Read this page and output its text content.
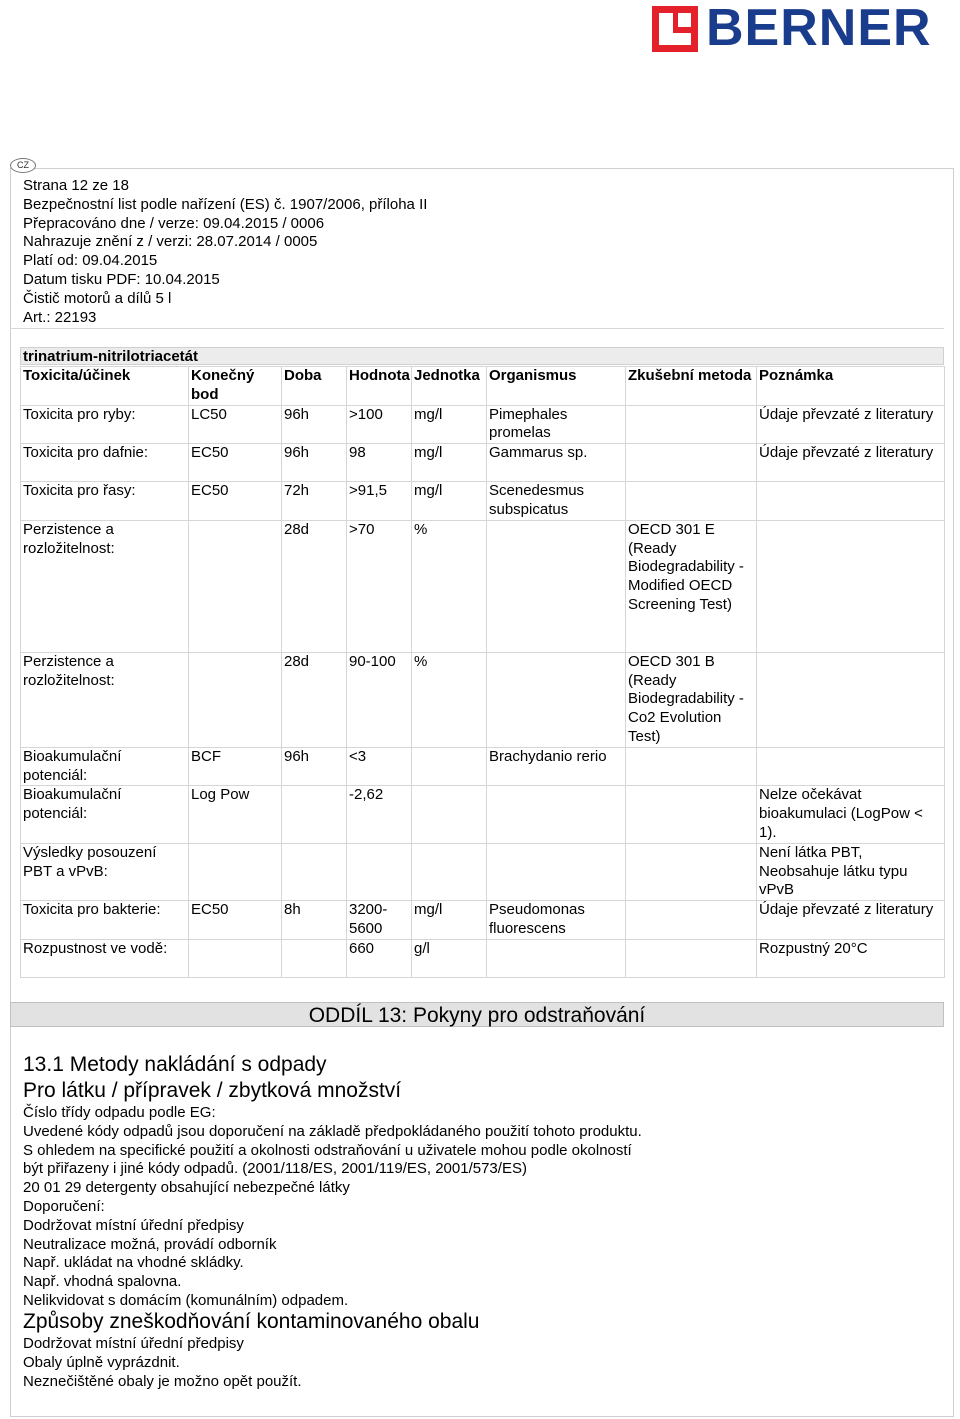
BERNER
CZ
Strana 12 ze 18
Bezpečnostní list podle nařízení (ES) č. 1907/2006, příloha II
Přepracováno dne / verze: 09.04.2015 / 0006
Nahrazuje znění z / verzi: 28.07.2014 / 0005
Platí od: 09.04.2015
Datum tisku PDF: 10.04.2015
Čistič motorů a dílů 5 l
Art.: 22193
trinatrium-nitrilotriacetát
Toxicita/účinek	Konečný bod	Doba	Hodnota	Jednotka	Organismus	Zkušební metoda	Poznámka
Toxicita pro ryby:	LC50	96h	>100	mg/l	Pimephales promelas		Údaje převzaté z literatury
Toxicita pro dafnie:	EC50	96h	98	mg/l	Gammarus sp.		Údaje převzaté z literatury
Toxicita pro řasy:	EC50	72h	>91,5	mg/l	Scenedesmus subspicatus		
Perzistence a rozložitelnost:		28d	>70	%		OECD 301 E (Ready Biodegradability - Modified OECD Screening Test)	
Perzistence a rozložitelnost:		28d	90-100	%		OECD 301 B (Ready Biodegradability - Co2 Evolution Test)	
Bioakumulační potenciál:	BCF	96h	<3		Brachydanio rerio		
Bioakumulační potenciál:	Log Pow		-2,62				Nelze očekávat bioakumulaci (LogPow < 1).
Výsledky posouzení PBT a vPvB:							Není látka PBT, Neobsahuje látku typu vPvB
Toxicita pro bakterie:	EC50	8h	3200-5600	mg/l	Pseudomonas fluorescens		Údaje převzaté z literatury
Rozpustnost ve vodě:			660	g/l			Rozpustný 20°C
ODDÍL 13: Pokyny pro odstraňování
13.1 Metody nakládání s odpady
Pro látku / přípravek / zbytková množství
Číslo třídy odpadu podle EG:
Uvedené kódy odpadů jsou doporučení na základě předpokládaného použití tohoto produktu.
S ohledem na specifické použití a okolnosti odstraňování u uživatele mohou podle okolností
být přiřazeny i jiné kódy odpadů. (2001/118/ES, 2001/119/ES, 2001/573/ES)
20 01 29 detergenty obsahující nebezpečné látky
Doporučení:
Dodržovat místní úřední předpisy
Neutralizace možná, provádí odborník
Např. ukládat na vhodné skládky.
Např. vhodná spalovna.
Nelikvidovat s domácím (komunálním) odpadem.
Způsoby zneškodňování kontaminovaného obalu
Dodržovat místní úřední předpisy
Obaly úplně vyprázdnit.
Neznečištěné obaly je možno opět použít.
